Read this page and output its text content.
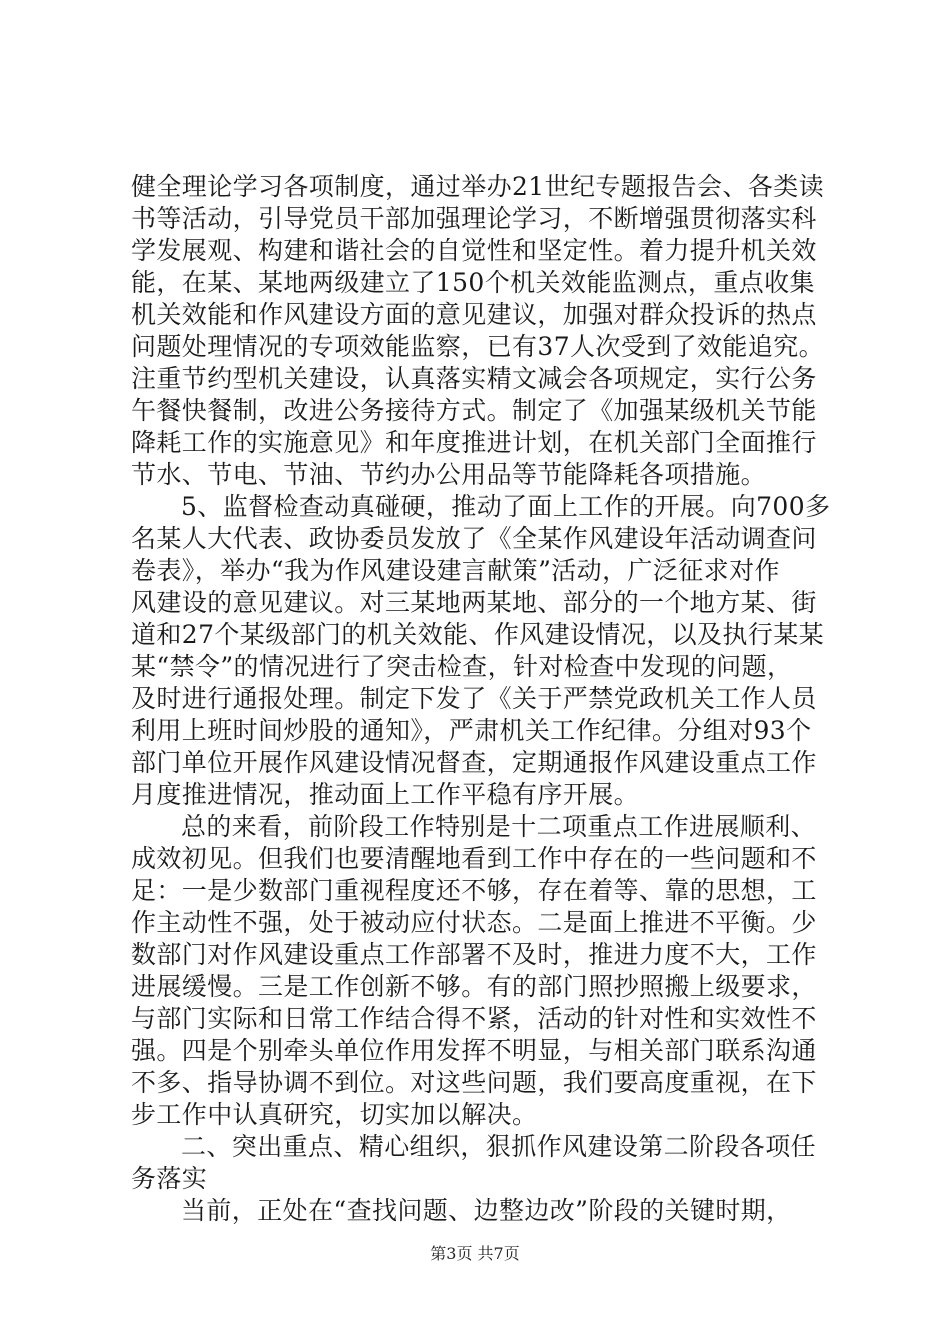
健全理论学习各项制度，通过举办21世纪专题报告会、各类读
书等活动，引导党员干部加强理论学习，不断增强贯彻落实科
学发展观、构建和谐社会的自觉性和坚定性。着力提升机关效
能，在某、某地两级建立了150个机关效能监测点，重点收集
机关效能和作风建设方面的意见建议，加强对群众投诉的热点
问题处理情况的专项效能监察，已有37人次受到了效能追究。
注重节约型机关建设，认真落实精文减会各项规定，实行公务
午餐快餐制，改进公务接待方式。制定了《加强某级机关节能
降耗工作的实施意见》和年度推进计划，在机关部门全面推行
节水、节电、节油、节约办公用品等节能降耗各项措施。
5、监督检查动真碰硬，推动了面上工作的开展。向700多
名某人大代表、政协委员发放了《全某作风建设年活动调查问
卷表》，举办“我为作风建设建言献策”活动，广泛征求对作
风建设的意见建议。对三某地两某地、部分的一个地方某、街
道和27个某级部门的机关效能、作风建设情况，以及执行某某
某“禁令”的情况进行了突击检查，针对检查中发现的问题，
及时进行通报处理。制定下发了《关于严禁党政机关工作人员
利用上班时间炒股的通知》，严肃机关工作纪律。分组对93个
部门单位开展作风建设情况督查，定期通报作风建设重点工作
月度推进情况，推动面上工作平稳有序开展。
总的来看，前阶段工作特别是十二项重点工作进展顺利、
成效初见。但我们也要清醒地看到工作中存在的一些问题和不
足：一是少数部门重视程度还不够，存在着等、靠的思想，工
作主动性不强，处于被动应付状态。二是面上推进不平衡。少
数部门对作风建设重点工作部署不及时，推进力度不大，工作
进展缓慢。三是工作创新不够。有的部门照抄照搬上级要求，
与部门实际和日常工作结合得不紧，活动的针对性和实效性不
强。四是个别牵头单位作用发挥不明显，与相关部门联系沟通
不多、指导协调不到位。对这些问题，我们要高度重视，在下
步工作中认真研究，切实加以解决。
二、突出重点、精心组织，狠抓作风建设第二阶段各项任
务落实
当前，正处在“查找问题、边整边改”阶段的关键时期，
第3页 共7页
